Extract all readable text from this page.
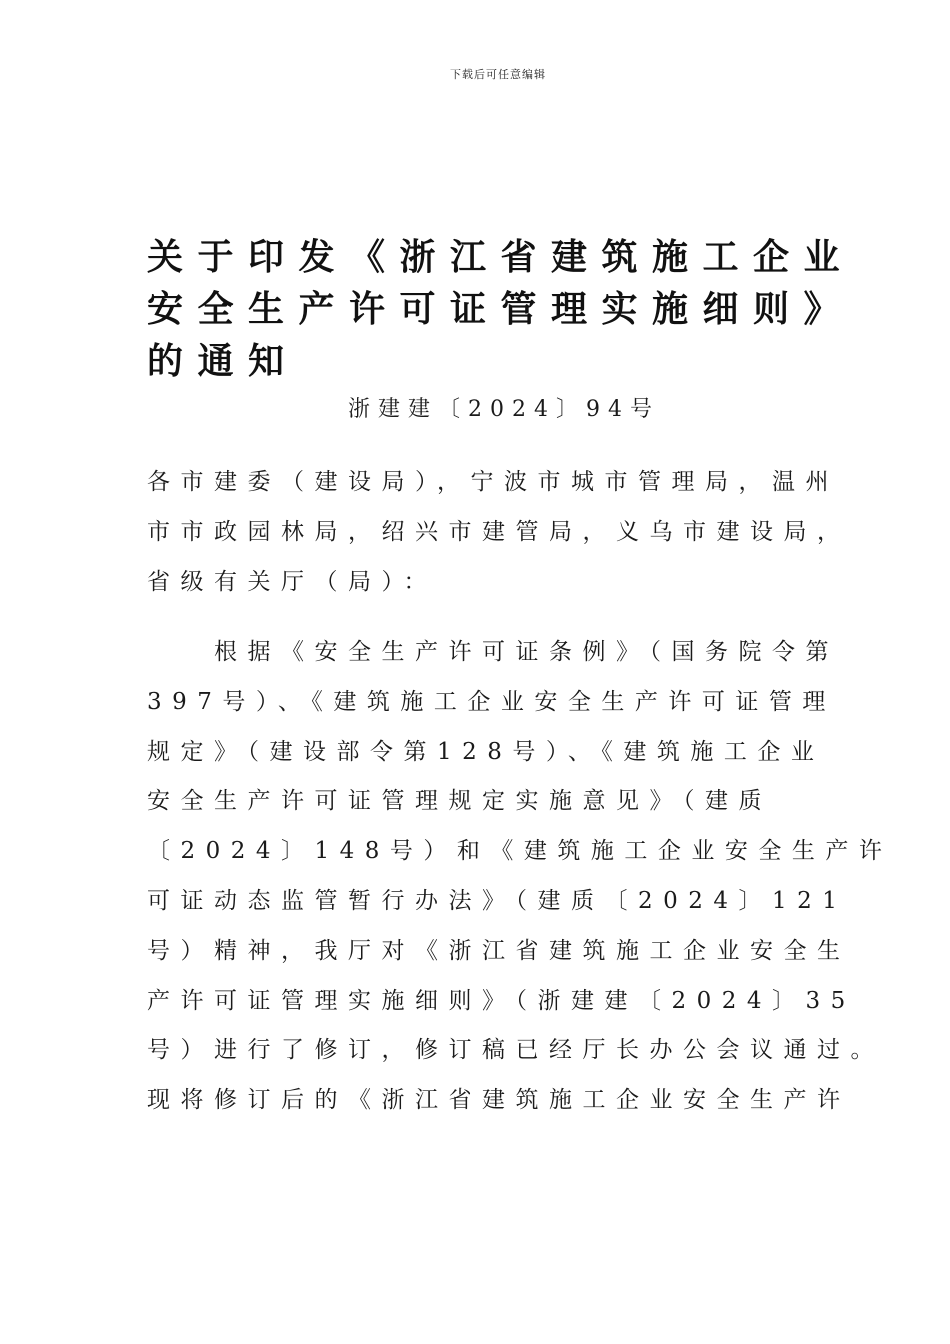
下载后可任意编辑
关于印发《浙江省建筑施工企业
安全生产许可证管理实施细则》
的通知
浙建建〔2024〕94号
各市建委（建设局），宁波市城市管理局，温州
市市政园林局，绍兴市建管局，义乌市建设局，
省级有关厅（局）：
　　根据《安全生产许可证条例》（国务院令第
397号）、《建筑施工企业安全生产许可证管理
规定》（建设部令第128号）、《建筑施工企业
安全生产许可证管理规定实施意见》（建质
〔2024〕148号）和《建筑施工企业安全生产许
可证动态监管暂行办法》（建质〔2024〕121
号）精神，我厅对《浙江省建筑施工企业安全生
产许可证管理实施细则》（浙建建〔2024〕35
号）进行了修订，修订稿已经厅长办公会议通过。
现将修订后的《浙江省建筑施工企业安全生产许
